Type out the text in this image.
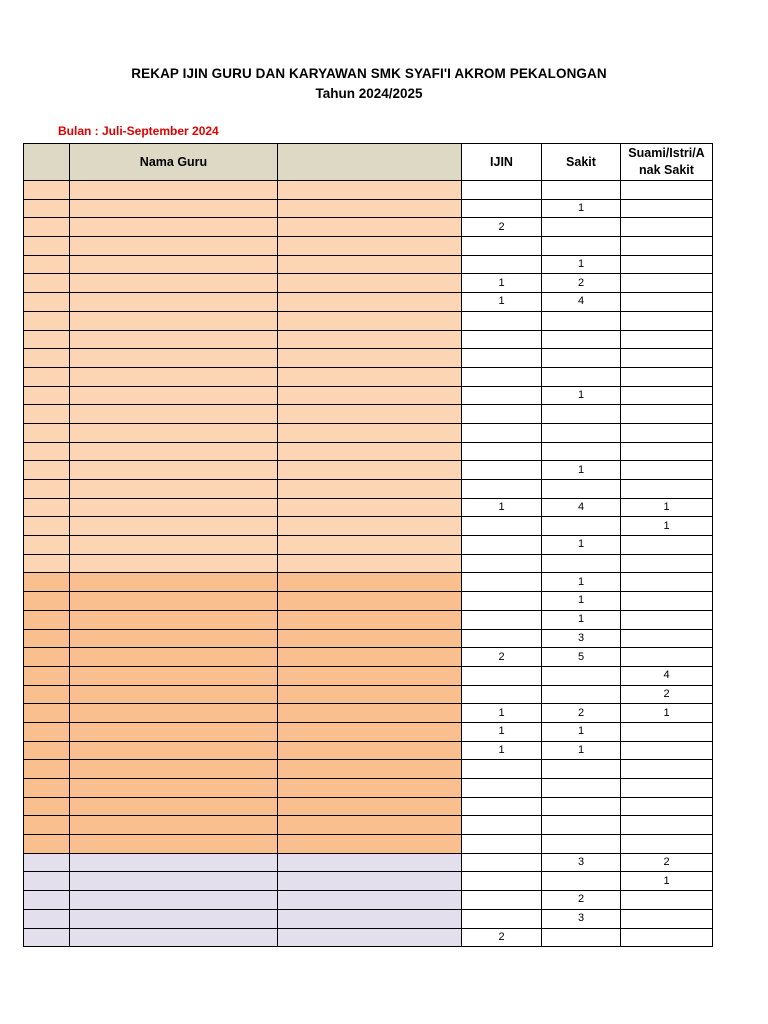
REKAP IJIN GURU DAN KARYAWAN SMK SYAFI'I AKROM PEKALONGAN
Tahun 2024/2025
Bulan : Juli-September 2024
	Nama Guru		IJIN	Sakit	Suami/Istri/A nak Sakit

				1	
			2		

				1	
			1	2	
			1	4	

				1	

				1	

			1	4	1
					1
				1	

				1	
				1	
				1	
				3	
			2	5	
					4
					2
			1	2	1
			1	1	
			1	1	

				3	2
					1
				2	
				3	
			2		
